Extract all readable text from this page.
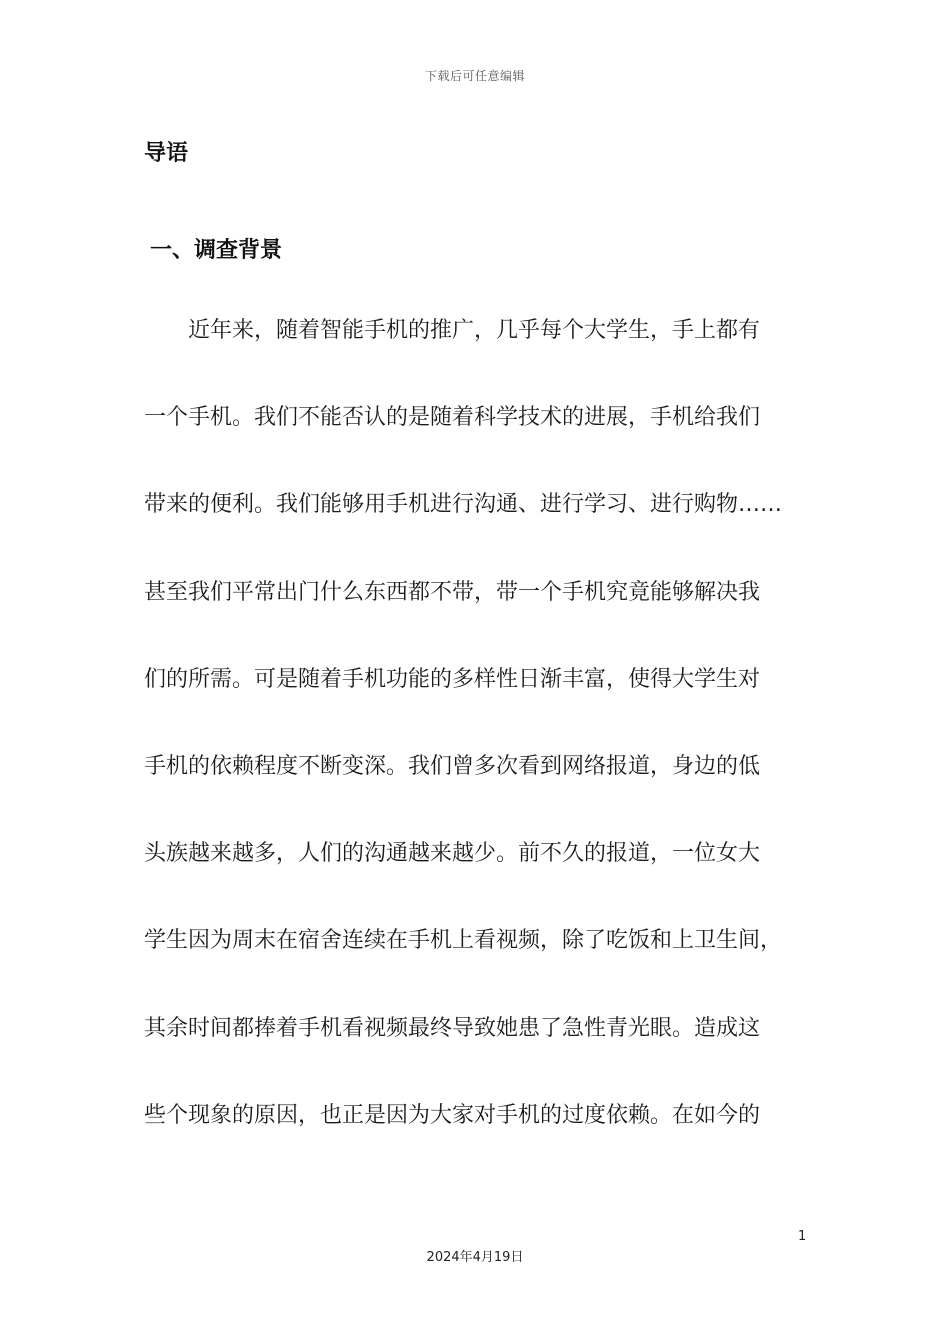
下载后可任意编辑
导语
一、调查背景
近年来，随着智能手机的推广，几乎每个大学生，手上都有
一个手机。我们不能否认的是随着科学技术的进展，手机给我们
带来的便利。我们能够用手机进行沟通、进行学习、进行购物……
甚至我们平常出门什么东西都不带，带一个手机究竟能够解决我
们的所需。可是随着手机功能的多样性日渐丰富，使得大学生对
手机的依赖程度不断变深。我们曾多次看到网络报道，身边的低
头族越来越多，人们的沟通越来越少。前不久的报道，一位女大
学生因为周末在宿舍连续在手机上看视频，除了吃饭和上卫生间，
其余时间都捧着手机看视频最终导致她患了急性青光眼。造成这
些个现象的原因，也正是因为大家对手机的过度依赖。在如今的
1
2024年4月19日
